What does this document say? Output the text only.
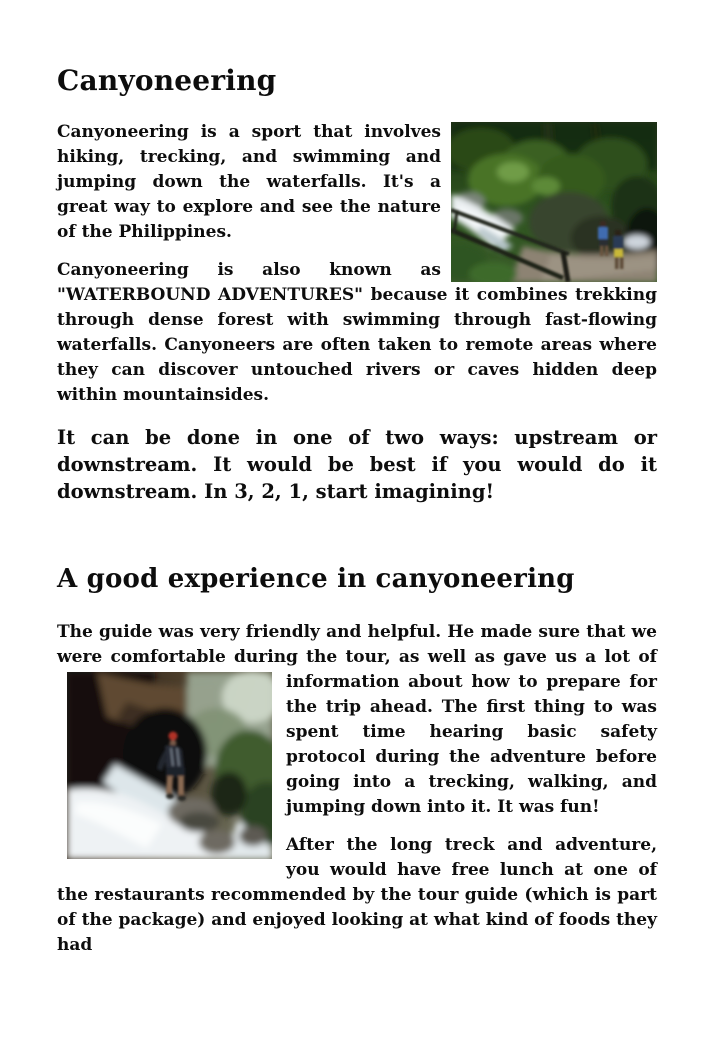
Canyoneering

Canyoneering is a sport that involves hiking, trecking, and swimming and jumping down the waterfalls. It's a great way to explore and see the nature of the Philippines.

Canyoneering is also known as "WATERBOUND ADVENTURES" because it combines trekking through dense forest with swimming through fast-flowing waterfalls. Canyoneers are often taken to remote areas where they can discover untouched rivers or caves hidden deep within mountainsides.

It can be done in one of two ways: upstream or downstream. It would be best if you would do it downstream. In 3, 2, 1, start imagining!

A good experience in canyoneering

The guide was very friendly and helpful. He made sure that we were comfortable during the tour, as well as gave us a lot of
information about how to prepare for the trip ahead. The first thing to was spent time hearing basic safety protocol during the adventure before going into a trecking, walking, and jumping down into it. It was fun!

After the long treck and adventure, you would have free lunch at one of the restaurants recommended by the tour guide (which is part of the package) and enjoyed looking at what kind of foods they had
